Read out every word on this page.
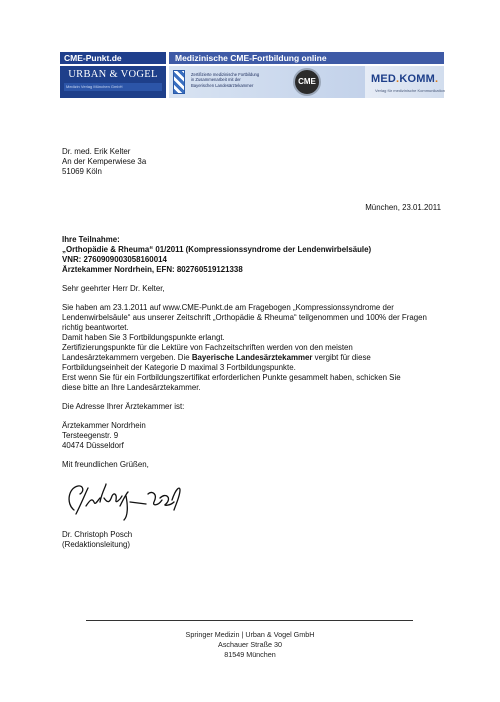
CME-Punkt.de	Medizinische CME-Fortbildung online
URBAN & VOGEL
Medizin Verlag München GmbH
Zertifizierte medizinische Fortbildung
in Zusammenarbeit mit der
Bayerischen Landesärztekammer	CME	MED.KOMM.
Verlag für medizinische Kommunikation
Dr. med. Erik Kelter
An der Kemperwiese 3a
51069 Köln
München, 23.01.2011
Ihre Teilnahme:
„Orthopädie & Rheuma“ 01/2011 (Kompressionssyndrome der Lendenwirbelsäule)
VNR: 2760909003058160014
Ärztekammer Nordrhein, EFN: 802760519121338
Sehr geehrter Herr Dr. Kelter,
Sie haben am 23.1.2011 auf www.CME-Punkt.de am Fragebogen „Kompressionssyndrome der
Lendenwirbelsäule“ aus unserer Zeitschrift „Orthopädie & Rheuma“ teilgenommen und 100% der Fragen
richtig beantwortet.
Damit haben Sie 3 Fortbildungspunkte erlangt.
Zertifizierungspunkte für die Lektüre von Fachzeitschriften werden von den meisten
Landesärztekammern vergeben. Die Bayerische Landesärztekammer vergibt für diese
Fortbildungseinheit der Kategorie D maximal 3 Fortbildungspunkte.
Erst wenn Sie für ein Fortbildungszertifikat erforderlichen Punkte gesammelt haben, schicken Sie
diese bitte an Ihre Landesärztekammer.
Die Adresse Ihrer Ärztekammer ist:
Ärztekammer Nordrhein
Tersteegenstr. 9
40474 Düsseldorf
Mit freundlichen Grüßen,
Dr. Christoph Posch
(Redaktionsleitung)
Springer Medizin | Urban & Vogel GmbH
Aschauer Straße 30
81549 München
